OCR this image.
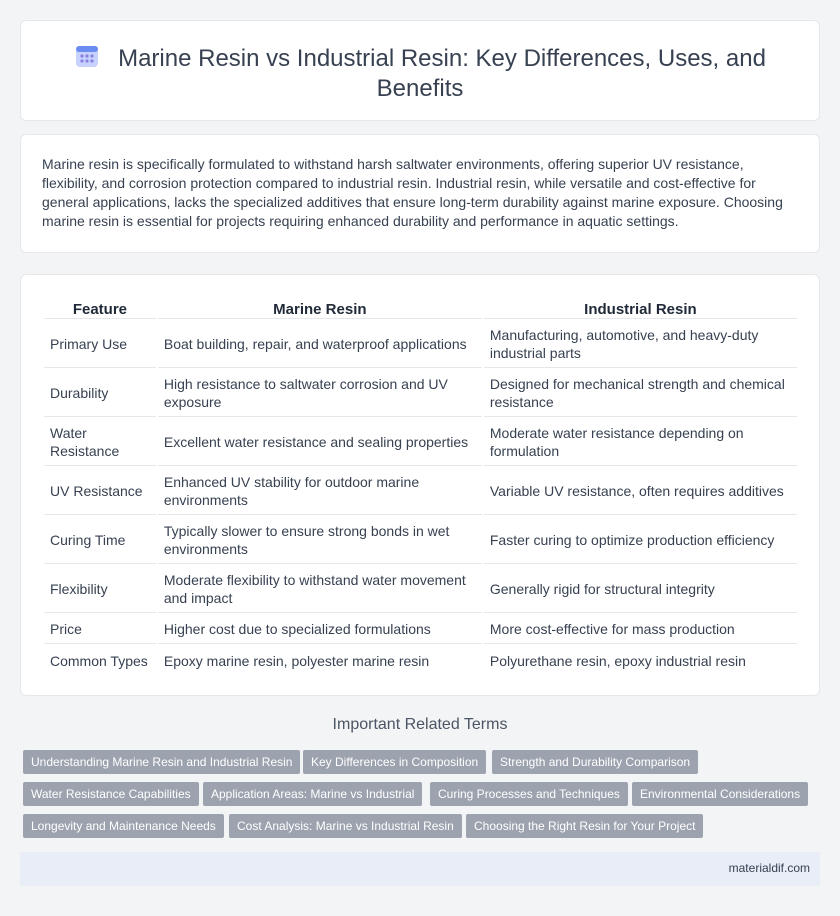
Marine Resin vs Industrial Resin: Key Differences, Uses, and Benefits

Marine resin is specifically formulated to withstand harsh saltwater environments, offering superior UV resistance, flexibility, and corrosion protection compared to industrial resin. Industrial resin, while versatile and cost-effective for general applications, lacks the specialized additives that ensure long-term durability against marine exposure. Choosing marine resin is essential for projects requiring enhanced durability and performance in aquatic settings.

Feature	Marine Resin	Industrial Resin
Primary Use	Boat building, repair, and waterproof applications	Manufacturing, automotive, and heavy-duty industrial parts
Durability	High resistance to saltwater corrosion and UV exposure	Designed for mechanical strength and chemical resistance
Water Resistance	Excellent water resistance and sealing properties	Moderate water resistance depending on formulation
UV Resistance	Enhanced UV stability for outdoor marine environments	Variable UV resistance, often requires additives
Curing Time	Typically slower to ensure strong bonds in wet environments	Faster curing to optimize production efficiency
Flexibility	Moderate flexibility to withstand water movement and impact	Generally rigid for structural integrity
Price	Higher cost due to specialized formulations	More cost-effective for mass production
Common Types	Epoxy marine resin, polyester marine resin	Polyurethane resin, epoxy industrial resin
Important Related Terms
Understanding Marine Resin and Industrial Resin	Key Differences in Composition	Strength and Durability Comparison
Water Resistance Capabilities	Application Areas: Marine vs Industrial	Curing Processes and Techniques	Environmental Considerations
Longevity and Maintenance Needs	Cost Analysis: Marine vs Industrial Resin	Choosing the Right Resin for Your Project
materialdif.com
